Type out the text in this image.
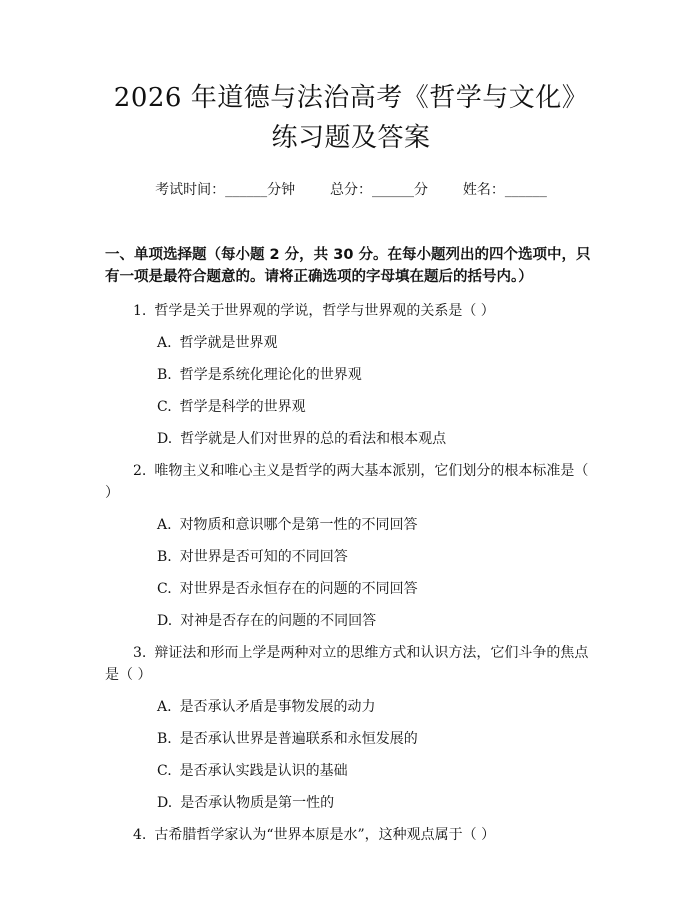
2026 年道德与法治高考《哲学与文化》练习题及答案
考试时间：______分钟 总分：______分 姓名：______
一、单项选择题（每小题 2 分，共 30 分。在每小题列出的四个选项中，只有一项是最符合题意的。请将正确选项的字母填在题后的括号内。）

1. 哲学是关于世界观的学说，哲学与世界观的关系是（ ）

A. 哲学就是世界观
B. 哲学是系统化理论化的世界观
C. 哲学是科学的世界观
D. 哲学就是人们对世界的总的看法和根本观点

2. 唯物主义和唯心主义是哲学的两大基本派别，它们划分的根本标准是（ ）

A. 对物质和意识哪个是第一性的不同回答
B. 对世界是否可知的不同回答
C. 对世界是否永恒存在的问题的不同回答
D. 对神是否存在的问题的不同回答

3. 辩证法和形而上学是两种对立的思维方式和认识方法，它们斗争的焦点是（ ）

A. 是否承认矛盾是事物发展的动力
B. 是否承认世界是普遍联系和永恒发展的
C. 是否承认实践是认识的基础
D. 是否承认物质是第一性的

4. 古希腊哲学家认为“世界本原是水”，这种观点属于（ ）
